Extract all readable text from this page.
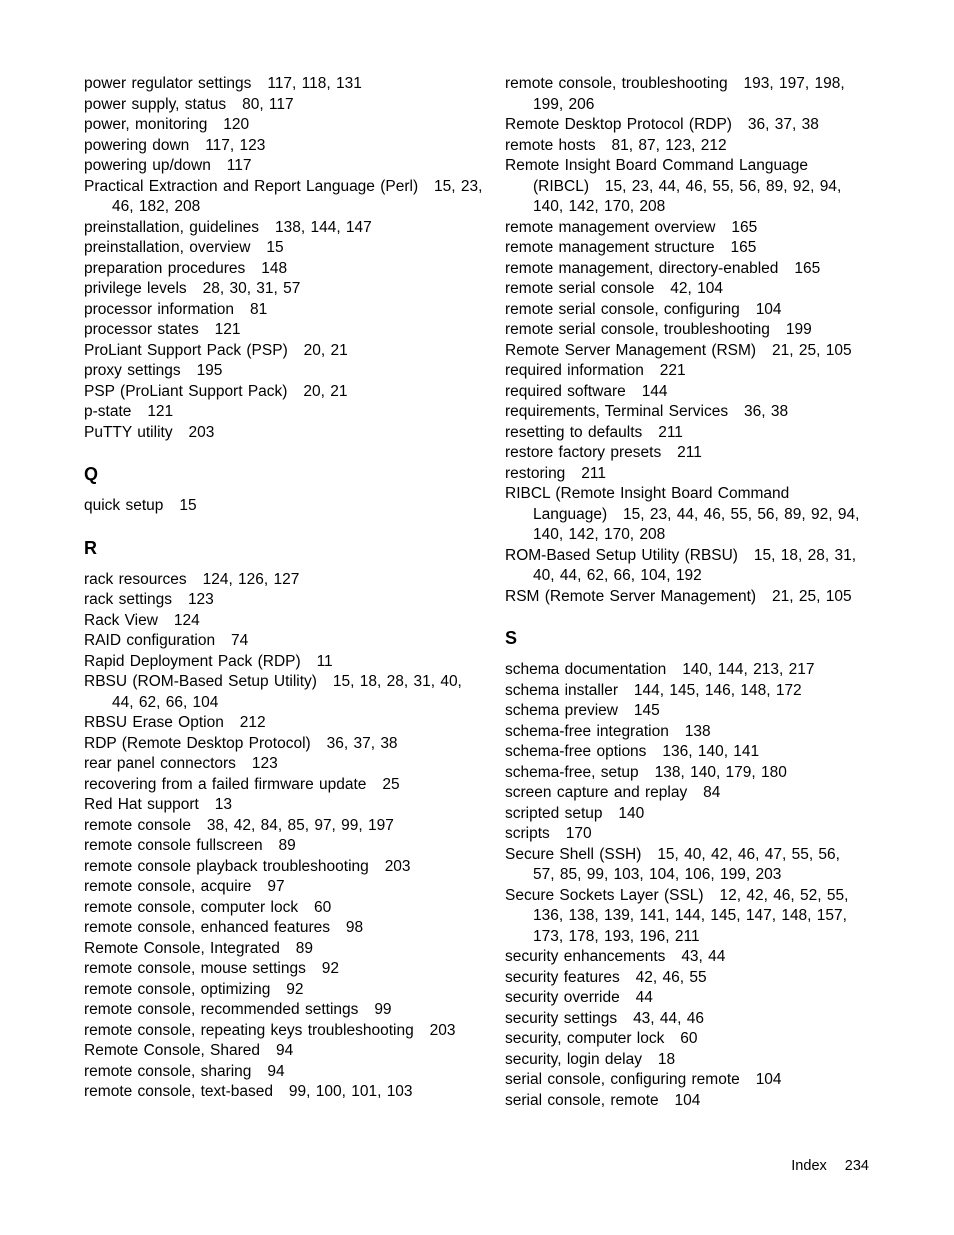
power regulator settings 117, 118, 131
power supply, status 80, 117
power, monitoring 120
powering down 117, 123
powering up/down 117
Practical Extraction and Report Language (Perl) 15, 23, 46, 182, 208
preinstallation, guidelines 138, 144, 147
preinstallation, overview 15
preparation procedures 148
privilege levels 28, 30, 31, 57
processor information 81
processor states 121
ProLiant Support Pack (PSP) 20, 21
proxy settings 195
PSP (ProLiant Support Pack) 20, 21
p-state 121
PuTTY utility 203
Q
quick setup 15
R
rack resources 124, 126, 127
rack settings 123
Rack View 124
RAID configuration 74
Rapid Deployment Pack (RDP) 11
RBSU (ROM-Based Setup Utility) 15, 18, 28, 31, 40, 44, 62, 66, 104
RBSU Erase Option 212
RDP (Remote Desktop Protocol) 36, 37, 38
rear panel connectors 123
recovering from a failed firmware update 25
Red Hat support 13
remote console 38, 42, 84, 85, 97, 99, 197
remote console fullscreen 89
remote console playback troubleshooting 203
remote console, acquire 97
remote console, computer lock 60
remote console, enhanced features 98
Remote Console, Integrated 89
remote console, mouse settings 92
remote console, optimizing 92
remote console, recommended settings 99
remote console, repeating keys troubleshooting 203
Remote Console, Shared 94
remote console, sharing 94
remote console, text-based 99, 100, 101, 103
remote console, troubleshooting 193, 197, 198, 199, 206
Remote Desktop Protocol (RDP) 36, 37, 38
remote hosts 81, 87, 123, 212
Remote Insight Board Command Language (RIBCL) 15, 23, 44, 46, 55, 56, 89, 92, 94, 140, 142, 170, 208
remote management overview 165
remote management structure 165
remote management, directory-enabled 165
remote serial console 42, 104
remote serial console, configuring 104
remote serial console, troubleshooting 199
Remote Server Management (RSM) 21, 25, 105
required information 221
required software 144
requirements, Terminal Services 36, 38
resetting to defaults 211
restore factory presets 211
restoring 211
RIBCL (Remote Insight Board Command Language) 15, 23, 44, 46, 55, 56, 89, 92, 94, 140, 142, 170, 208
ROM-Based Setup Utility (RBSU) 15, 18, 28, 31, 40, 44, 62, 66, 104, 192
RSM (Remote Server Management) 21, 25, 105
S
schema documentation 140, 144, 213, 217
schema installer 144, 145, 146, 148, 172
schema preview 145
schema-free integration 138
schema-free options 136, 140, 141
schema-free, setup 138, 140, 179, 180
screen capture and replay 84
scripted setup 140
scripts 170
Secure Shell (SSH) 15, 40, 42, 46, 47, 55, 56, 57, 85, 99, 103, 104, 106, 199, 203
Secure Sockets Layer (SSL) 12, 42, 46, 52, 55, 136, 138, 139, 141, 144, 145, 147, 148, 157, 173, 178, 193, 196, 211
security enhancements 43, 44
security features 42, 46, 55
security override 44
security settings 43, 44, 46
security, computer lock 60
security, login delay 18
serial console, configuring remote 104
serial console, remote 104
Index 234
